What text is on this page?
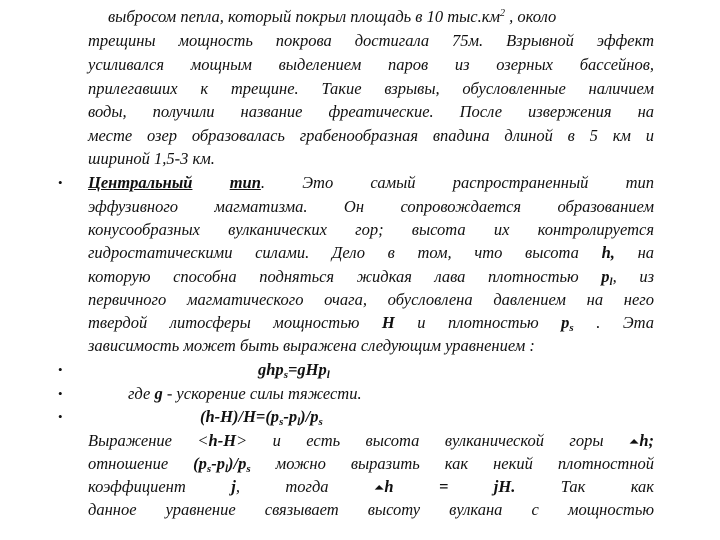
выбросом пепла, который покрыл площадь в 10 $тыс.км^2$ , около
трещины мощность покрова достигала 75м. Взрывной эффект
усиливался мощным выделением паров из озерных бассейнов,
прилегавших к трещине. Такие взрывы, обусловленные наличием
воды, получили название фреатические. После извержения на
месте озер образовалась грабенообразная впадина длиной в 5 км и
шириной 1,5-3 км.
• Центральный тип. Это самый распространенный тип
эффузивного магматизма. Он сопровождается образованием
конусообразных вулканических гор; высота их контролируется
гидростатическими силами. Дело в том, что высота h, на
которую способна подняться жидкая лава плотностью $p_l$, из
первичного магматического очага, обусловлена давлением на него
твердой литосферы мощностью H и плотностью $p_s$ . Эта
зависимость может быть выражена следующим уравнением :
•	ghp$_s$=gHp$_l$
•	где g - ускорение силы тяжести.
•	$(h-H)/H=(p_s-p_l)/p_s$
Выражение <h-H> и есть высота вулканической горы ⏶h;
отношение $(p_s-p_l)/p_s$ можно выразить как некий плотностной
коэффициент	j, тогда	⏶h = jH.	Так как
данное уравнение связывает высоту вулкана с мощностью
